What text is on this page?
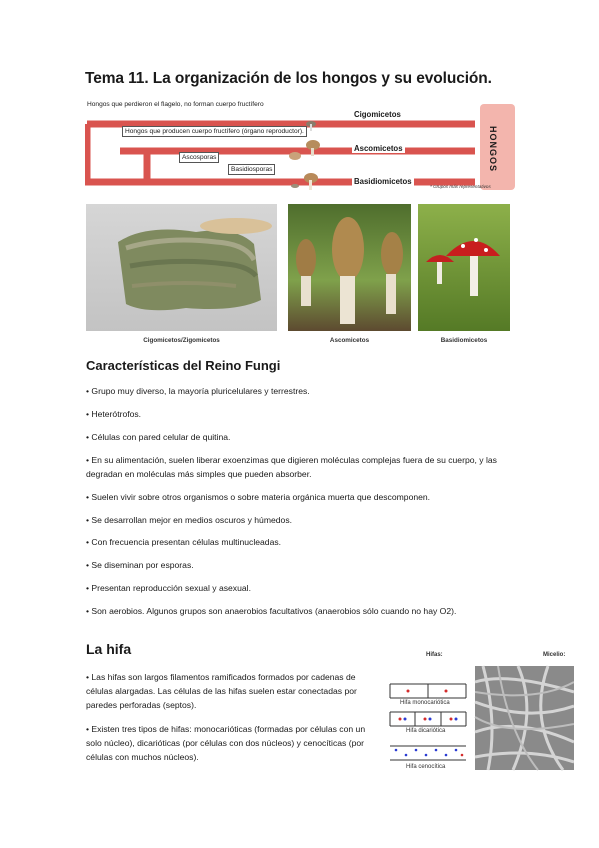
Tema 11. La organización de los hongos y su evolución.
Hongos que perdieron el flagelo, no forman cuerpo fructífero
Hongos que producen cuerpo fructífero (órgano reproductor).
Ascosporas
Basidiosporas
Cigomicetos
Ascomicetos
Basidiomicetos
HONGOS
* Grupos más representativos
Cigomicetos/Zigomicetos	Ascomicetos	Basidiomicetos
Características del Reino Fungi

• Grupo muy diverso, la mayoría pluricelulares y terrestres.

• Heterótrofos.

• Células con pared celular de quitina.

• En su alimentación, suelen liberar exoenzimas que digieren moléculas complejas fuera de su cuerpo, y las degradan en moléculas más simples que pueden absorber.

• Suelen vivir sobre otros organismos o sobre materia orgánica muerta que descomponen.

• Se desarrollan mejor en medios oscuros y húmedos.

• Con frecuencia presentan células multinucleadas.

• Se diseminan por esporas.

• Presentan reproducción sexual y asexual.

• Son aerobios. Algunos grupos son anaerobios facultativos (anaerobios sólo cuando no hay O2).

La hifa

• Las hifas son largos filamentos ramificados formados por cadenas de células alargadas. Las células de las hifas suelen estar conectadas por paredes perforadas (septos).

• Existen tres tipos de hifas: monocarióticas (formadas por células con un solo núcleo), dicarióticas (por células con dos núcleos) y cenocíticas (por células con muchos núcleos).

Hifas:	Micelio:
Hifa monocariótica
Hifa dicariótica
Hifa cenocítica
